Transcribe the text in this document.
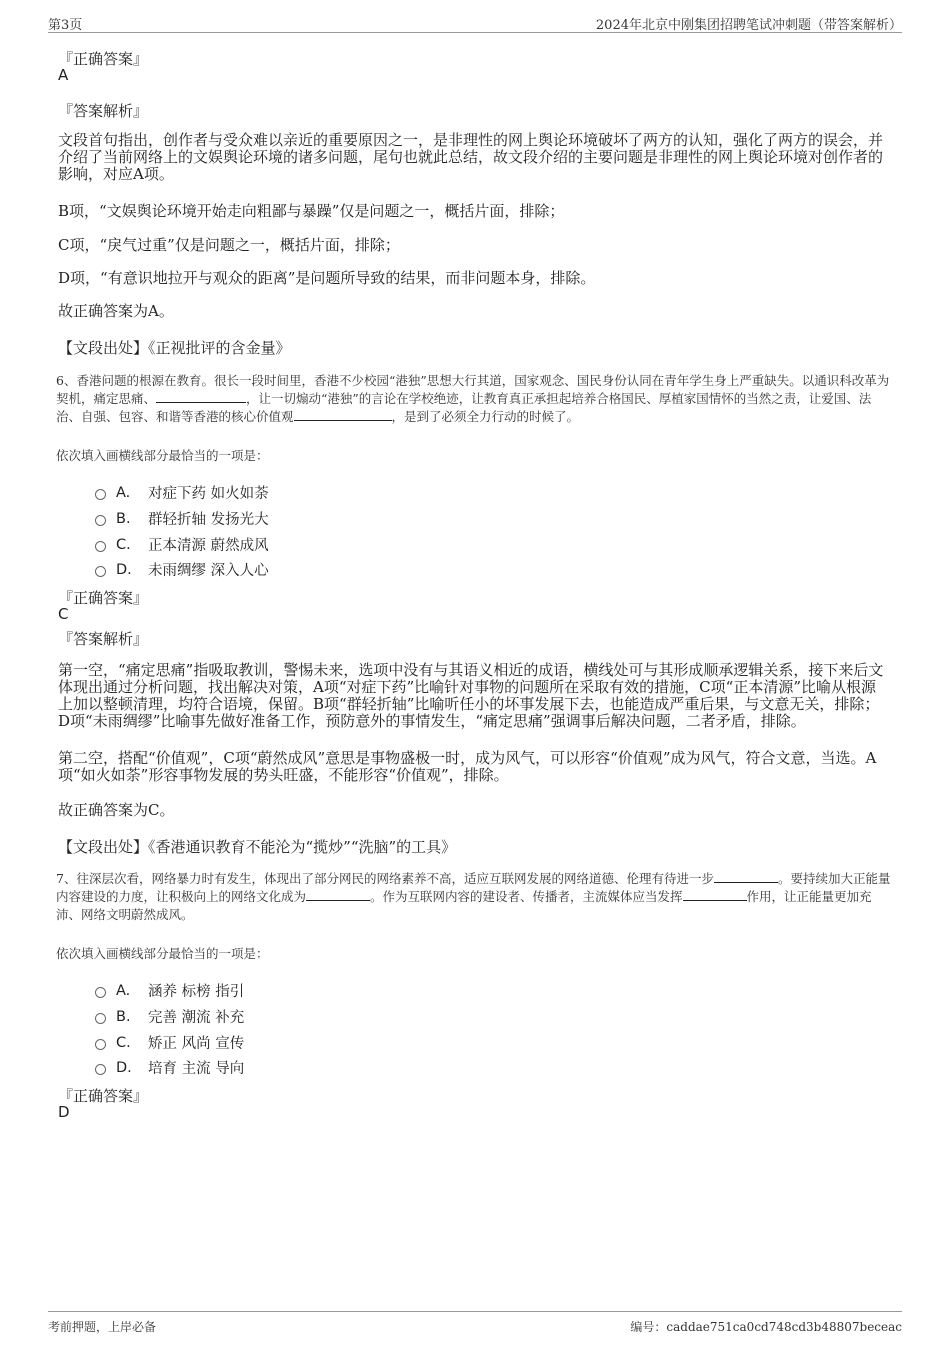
第3页	2024年北京中刚集团招聘笔试冲刺题（带答案解析）
『正确答案』
A
『答案解析』
文段首句指出，创作者与受众难以亲近的重要原因之一，是非理性的网上舆论环境破坏了两方的认知，强化了两方的误会，并介绍了当前网络上的文娱舆论环境的诸多问题，尾句也就此总结，故文段介绍的主要问题是非理性的网上舆论环境对创作者的影响，对应A项。
B项，“文娱舆论环境开始走向粗鄙与暴躁”仅是问题之一，概括片面，排除；
C项，“戾气过重”仅是问题之一，概括片面，排除；
D项，“有意识地拉开与观众的距离”是问题所导致的结果，而非问题本身，排除。
故正确答案为A。
【文段出处】《正视批评的含金量》
6、香港问题的根源在教育。很长一段时间里，香港不少校园“港独”思想大行其道，国家观念、国民身份认同在青年学生身上严重缺失。以通识科改革为契机，痛定思痛、	，让一切煽动“港独”的言论在学校绝迹，让教育真正承担起培养合格国民、厚植家国情怀的当然之责，让爱国、法治、自强、包容、和谐等香港的核心价值观	，是到了必须全力行动的时候了。
依次填入画横线部分最恰当的一项是：
A.	对症下药 如火如荼
B.	群轻折轴 发扬光大
C.	正本清源 蔚然成风
D.	未雨绸缪 深入人心
『正确答案』
C
『答案解析』
第一空，“痛定思痛”指吸取教训，警惕未来，选项中没有与其语义相近的成语，横线处可与其形成顺承逻辑关系，接下来后文体现出通过分析问题，找出解决对策，A项“对症下药”比喻针对事物的问题所在采取有效的措施，C项“正本清源”比喻从根源上加以整顿清理，均符合语境，保留。B项“群轻折轴”比喻听任小的坏事发展下去，也能造成严重后果，与文意无关，排除；D项“未雨绸缪”比喻事先做好准备工作，预防意外的事情发生，“痛定思痛”强调事后解决问题，二者矛盾，排除。
第二空，搭配“价值观”，C项“蔚然成风”意思是事物盛极一时，成为风气，可以形容“价值观”成为风气，符合文意，当选。A项“如火如荼”形容事物发展的势头旺盛，不能形容“价值观”，排除。
故正确答案为C。
【文段出处】《香港通识教育不能沦为“揽炒”“洗脑”的工具》
7、往深层次看，网络暴力时有发生，体现出了部分网民的网络素养不高，适应互联网发展的网络道德、伦理有待进一步	。要持续加大正能量内容建设的力度，让积极向上的网络文化成为	。作为互联网内容的建设者、传播者，主流媒体应当发挥	作用，让正能量更加充沛、网络文明蔚然成风。
依次填入画横线部分最恰当的一项是：
A.	涵养 标榜 指引
B.	完善 潮流 补充
C.	矫正 风尚 宣传
D.	培育 主流 导向
『正确答案』
D
考前押题，上岸必备	编号：caddae751ca0cd748cd3b48807beceac
